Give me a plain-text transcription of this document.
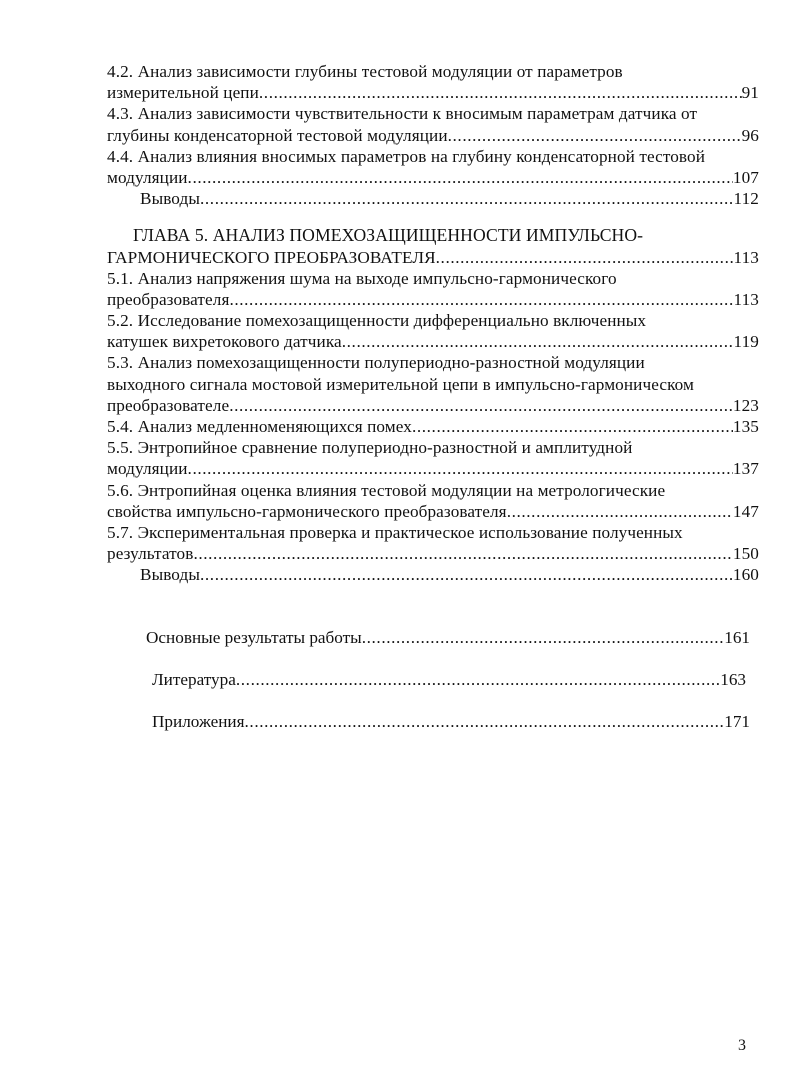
4.2. Анализ зависимости глубины тестовой модуляции от параметров
измерительной цепи .....	91
4.3. Анализ зависимости чувствительности к вносимым параметрам датчика от
глубины конденсаторной тестовой модуляции .....	96
4.4. Анализ влияния вносимых параметров на глубину конденсаторной тестовой
модуляции .....	107
Выводы .....	112
ГЛАВА 5. АНАЛИЗ ПОМЕХОЗАЩИЩЕННОСТИ ИМПУЛЬСНО-
ГАРМОНИЧЕСКОГО ПРЕОБРАЗОВАТЕЛЯ .....	113
5.1. Анализ напряжения шума на выходе импульсно-гармонического
преобразователя .....	113
5.2. Исследование помехозащищенности дифференциально включенных
катушек вихретокового датчика .....	119
5.3. Анализ помехозащищенности полупериодно-разностной модуляции
выходного сигнала мостовой измерительной цепи в импульсно-гармоническом
преобразователе .....	123
5.4. Анализ медленноменяющихся помех .....	135
5.5. Энтропийное сравнение полупериодно-разностной и амплитудной
модуляции .....	137
5.6. Энтропийная оценка влияния тестовой модуляции на метрологические
свойства импульсно-гармонического преобразователя .....	147
5.7. Экспериментальная проверка и практическое использование полученных
результатов .....	150
Выводы .....	160
Основные результаты работы .....	161
Литература .....	163
Приложения .....	171
3
